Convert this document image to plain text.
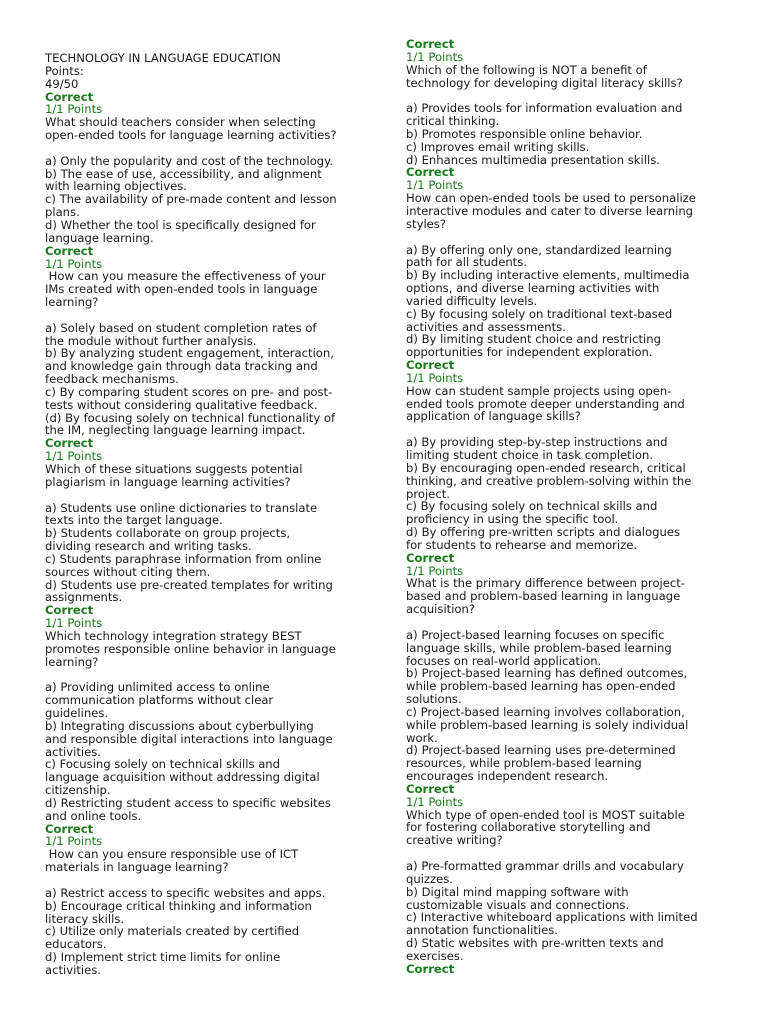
TECHNOLOGY IN LANGUAGE EDUCATION
Points:
49/50
Correct
1/1 Points
What should teachers consider when selecting
open-ended tools for language learning activities?
a) Only the popularity and cost of the technology.
b) The ease of use, accessibility, and alignment
with learning objectives.
c) The availability of pre-made content and lesson
plans.
d) Whether the tool is specifically designed for
language learning.
Correct
1/1 Points
How can you measure the effectiveness of your
IMs created with open-ended tools in language
learning?
a) Solely based on student completion rates of
the module without further analysis.
b) By analyzing student engagement, interaction,
and knowledge gain through data tracking and
feedback mechanisms.
c) By comparing student scores on pre- and post-
tests without considering qualitative feedback.
(d) By focusing solely on technical functionality of
the IM, neglecting language learning impact.
Correct
1/1 Points
Which of these situations suggests potential
plagiarism in language learning activities?
a) Students use online dictionaries to translate
texts into the target language.
b) Students collaborate on group projects,
dividing research and writing tasks.
c) Students paraphrase information from online
sources without citing them.
d) Students use pre-created templates for writing
assignments.
Correct
1/1 Points
Which technology integration strategy BEST
promotes responsible online behavior in language
learning?
a) Providing unlimited access to online
communication platforms without clear
guidelines.
b) Integrating discussions about cyberbullying
and responsible digital interactions into language
activities.
c) Focusing solely on technical skills and
language acquisition without addressing digital
citizenship.
d) Restricting student access to specific websites
and online tools.
Correct
1/1 Points
How can you ensure responsible use of ICT
materials in language learning?
a) Restrict access to specific websites and apps.
b) Encourage critical thinking and information
literacy skills.
c) Utilize only materials created by certified
educators.
d) Implement strict time limits for online
activities.
Correct
1/1 Points
Which of the following is NOT a benefit of
technology for developing digital literacy skills?
a) Provides tools for information evaluation and
critical thinking.
b) Promotes responsible online behavior.
c) Improves email writing skills.
d) Enhances multimedia presentation skills.
Correct
1/1 Points
How can open-ended tools be used to personalize
interactive modules and cater to diverse learning
styles?
a) By offering only one, standardized learning
path for all students.
b) By including interactive elements, multimedia
options, and diverse learning activities with
varied difficulty levels.
c) By focusing solely on traditional text-based
activities and assessments.
d) By limiting student choice and restricting
opportunities for independent exploration.
Correct
1/1 Points
How can student sample projects using open-
ended tools promote deeper understanding and
application of language skills?
a) By providing step-by-step instructions and
limiting student choice in task completion.
b) By encouraging open-ended research, critical
thinking, and creative problem-solving within the
project.
c) By focusing solely on technical skills and
proficiency in using the specific tool.
d) By offering pre-written scripts and dialogues
for students to rehearse and memorize.
Correct
1/1 Points
What is the primary difference between project-
based and problem-based learning in language
acquisition?
a) Project-based learning focuses on specific
language skills, while problem-based learning
focuses on real-world application.
b) Project-based learning has defined outcomes,
while problem-based learning has open-ended
solutions.
c) Project-based learning involves collaboration,
while problem-based learning is solely individual
work.
d) Project-based learning uses pre-determined
resources, while problem-based learning
encourages independent research.
Correct
1/1 Points
Which type of open-ended tool is MOST suitable
for fostering collaborative storytelling and
creative writing?
a) Pre-formatted grammar drills and vocabulary
quizzes.
b) Digital mind mapping software with
customizable visuals and connections.
c) Interactive whiteboard applications with limited
annotation functionalities.
d) Static websites with pre-written texts and
exercises.
Correct
